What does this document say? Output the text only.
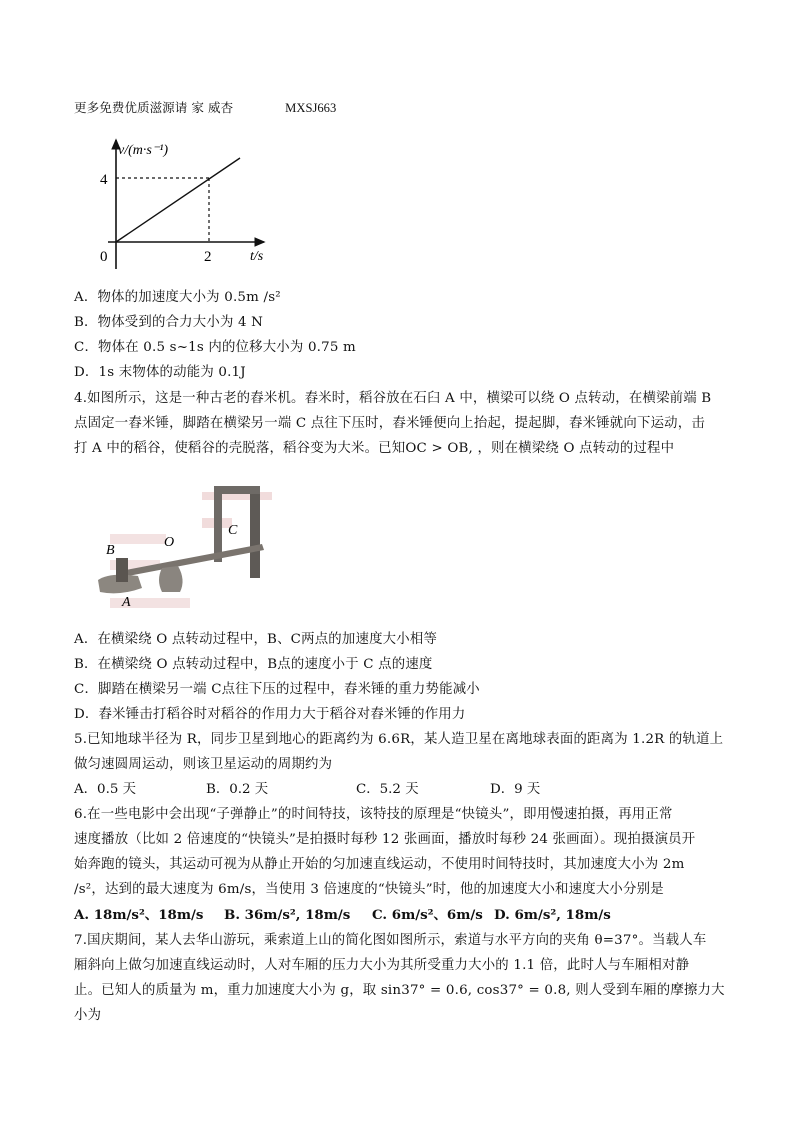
更多免费优质滋源请 家 威杏	MXSJ663
v/(m·s⁻¹)
t/s
0
4
2
A．物体的加速度大小为 0.5m /s²
B．物体受到的合力大小为 4 N
C．物体在 0.5 s~1s 内的位移大小为 0.75 m
D．1s 末物体的动能为 0.1J
4.如图所示，这是一种古老的舂米机。舂米时，稻谷放在石臼 A 中，横梁可以绕 O 点转动，在横梁前端 B
点固定一舂米锤，脚踏在横梁另一端 C 点往下压时，舂米锤便向上抬起，提起脚，舂米锤就向下运动，击
打 A 中的稻谷，使稻谷的壳脱落，稻谷变为大米。已知OC > OB, ，则在横梁绕 O 点转动的过程中
B
O
C
A
A．在横梁绕 O 点转动过程中，B、C两点的加速度大小相等
B．在横梁绕 O 点转动过程中，B点的速度小于 C 点的速度
C．脚踏在横梁另一端 C点往下压的过程中，舂米锤的重力势能减小
D．舂米锤击打稻谷时对稻谷的作用力大于稻谷对舂米锤的作用力
5.已知地球半径为 R，同步卫星到地心的距离约为 6.6R，某人造卫星在离地球表面的距离为 1.2R 的轨道上
做匀速圆周运动，则该卫星运动的周期约为
A．0.5 天	B．0.2 天	C．5.2 天	D．9 天
6.在一些电影中会出现“子弹静止”的时间特技，该特技的原理是“快镜头”，即用慢速拍摄，再用正常
速度播放（比如 2 倍速度的“快镜头”是拍摄时每秒 12 张画面，播放时每秒 24 张画面）。现拍摄演员开
始奔跑的镜头，其运动可视为从静止开始的匀加速直线运动，不使用时间特技时，其加速度大小为 2m
/s²，达到的最大速度为 6m/s，当使用 3 倍速度的“快镜头”时，他的加速度大小和速度大小分别是
A. 18m/s²、18m/s B. 36m/s², 18m/s C. 6m/s²、6m/s D. 6m/s², 18m/s
7.国庆期间，某人去华山游玩，乘索道上山的简化图如图所示，索道与水平方向的夹角 θ=37°。当载人车
厢斜向上做匀加速直线运动时，人对车厢的压力大小为其所受重力大小的 1.1 倍，此时人与车厢相对静
止。已知人的质量为 m，重力加速度大小为 g，取 sin37° = 0.6, cos37° = 0.8, 则人受到车厢的摩擦力大
小为
